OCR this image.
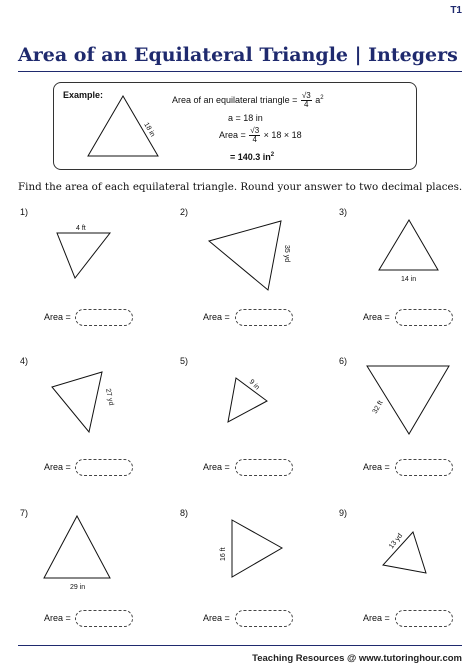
T1
Area of an Equilateral Triangle | Integers
Example:	Area of an equilateral triangle = $\frac{√3}{4} a^2$
a = 18 in
Area = $\frac{√3}{4} \times 18 \times 18$
= 140.3 $in^2$
18 in
Find the area of each equilateral triangle. Round your answer to two decimal places.
1)	2)	3)
4)	5)	6)
7)	8)	9)
4 ft
35 yd
14 in
27 yd
9 in
32 ft
29 in
16 ft
13 yd
Area =	Area =	Area =
Area =	Area =	Area =
Area =	Area =	Area =
Teaching Resources @ www.tutoringhour.com
